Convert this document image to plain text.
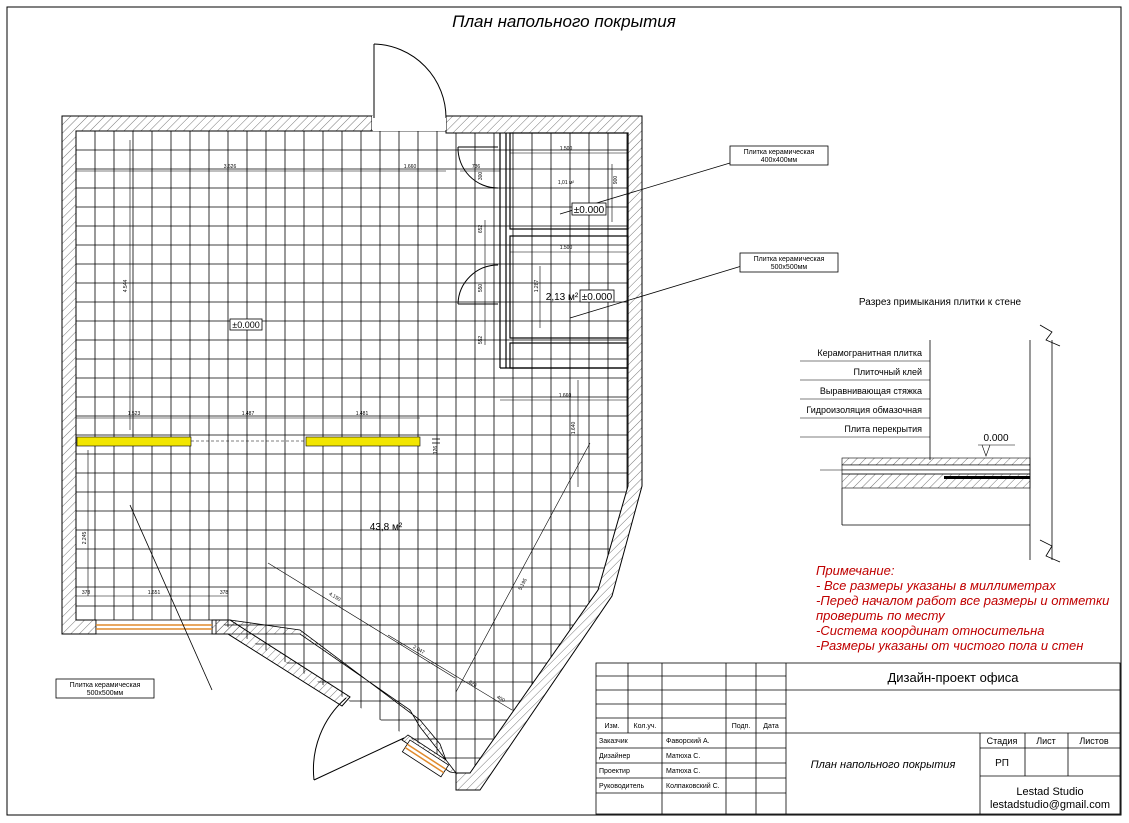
План напольного покрытия
3.626	1.660	736
1.500
1.500
4.544
900
300
652
550
552
1.287
1.523	1.487	1.481
1.660
1.640
126
2.245
378	1.651	378	4.150
2.047
626
400
5.195
1,01 м²
43,8 м²
2,13 м²
±0.000
±0.000
±0.000
Плитка керамическая
400х400мм
Плитка керамическая
500х500мм
Плитка керамическая
500х500мм
Разрез примыкания плитки к стене
Керамогранитная плитка
Плиточный клей
Выравнивающая стяжка
Гидроизоляция обмазочная
Плита перекрытия
0.000
Примечание:
- Все размеры указаны в миллиметрах
-Перед началом работ все размеры и отметки
проверить по месту
-Система координат относительна
-Размеры указаны от чистого пола и стен
Изм. Кол.уч.	Подп. Дата
Заказчик	Фаворский А.
Дизайнер	Матюха С.
Проектир	Матюха С.
Руководитель	Колпаковский С.
Дизайн-проект офиса
План напольного покрытия
Стадия Лист	Листов
РП
Lestad Studio
lestadstudio@gmail.com
